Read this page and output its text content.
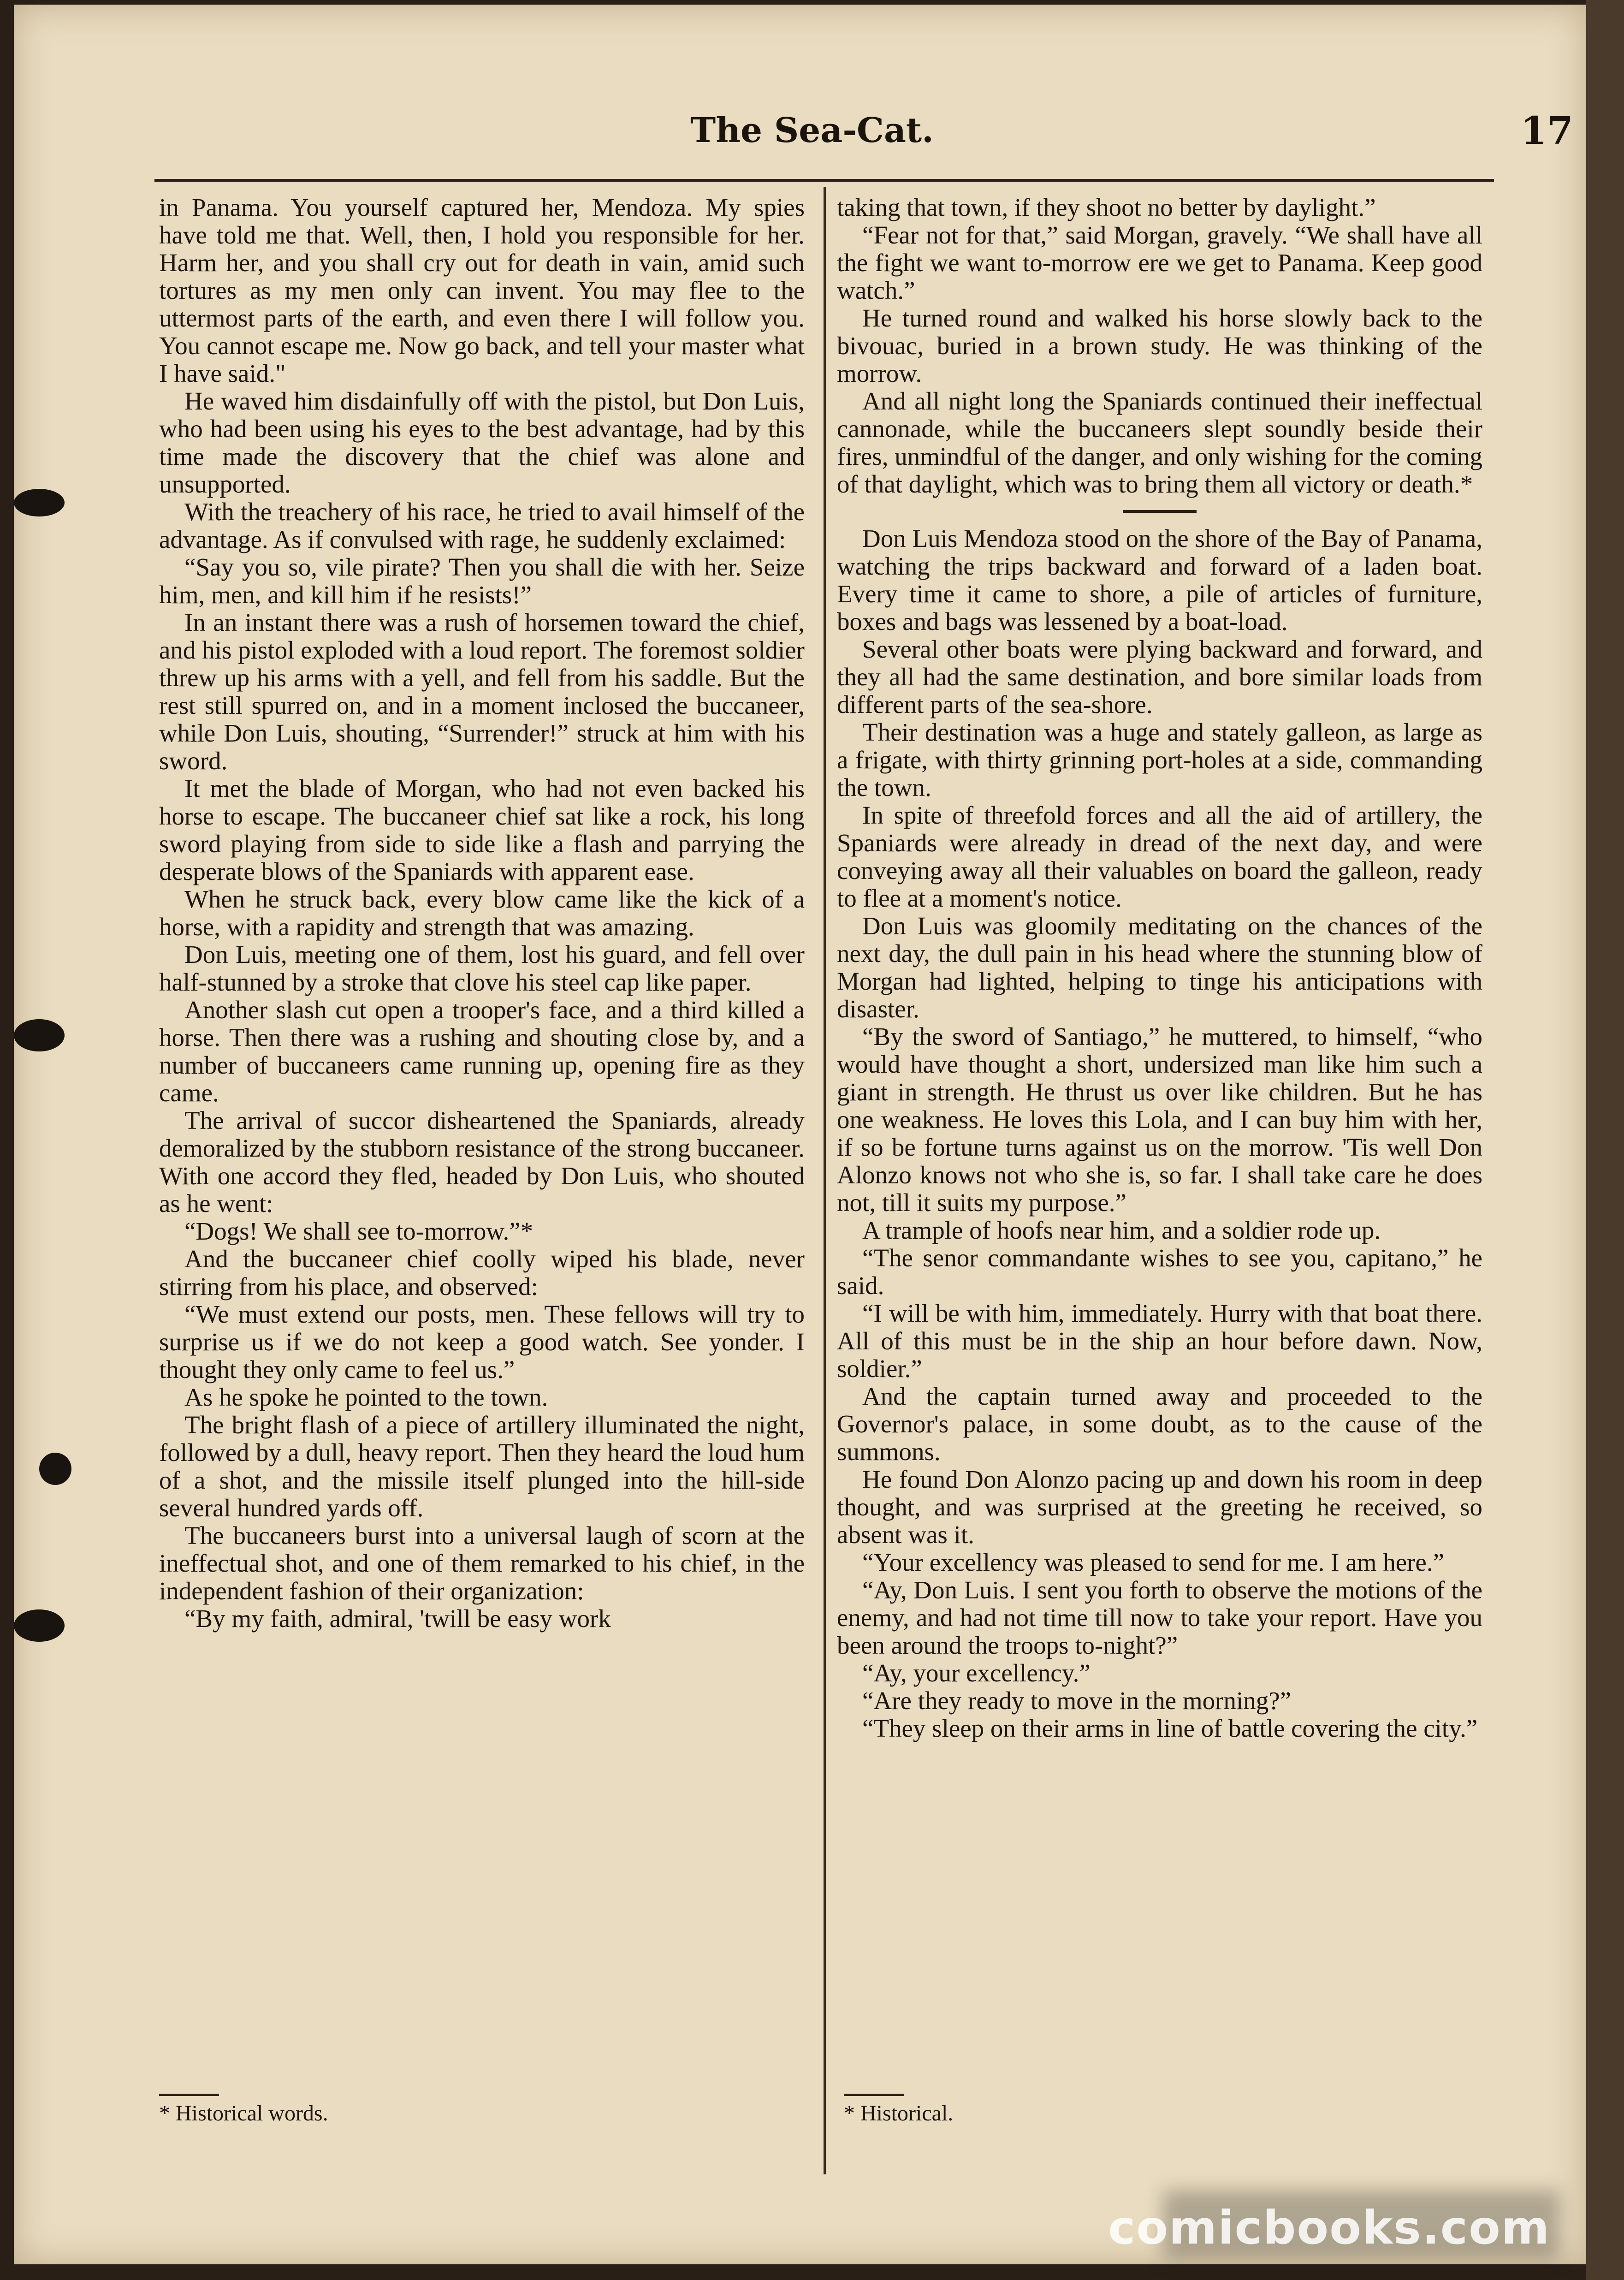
The Sea-Cat.	17

in Panama. You yourself captured her, Mendoza. My spies have told me that. Well, then, I hold you responsible for her. Harm her, and you shall cry out for death in vain, amid such tortures as my men only can invent. You may flee to the uttermost parts of the earth, and even there I will follow you. You cannot escape me. Now go back, and tell your master what I have said."

He waved him disdainfully off with the pistol, but Don Luis, who had been using his eyes to the best advantage, had by this time made the discovery that the chief was alone and unsupported.

With the treachery of his race, he tried to avail himself of the advantage. As if convulsed with rage, he suddenly exclaimed:

“Say you so, vile pirate? Then you shall die with her. Seize him, men, and kill him if he resists!”

In an instant there was a rush of horsemen toward the chief, and his pistol exploded with a loud report. The foremost soldier threw up his arms with a yell, and fell from his saddle. But the rest still spurred on, and in a moment inclosed the buccaneer, while Don Luis, shouting, “Surrender!” struck at him with his sword.

It met the blade of Morgan, who had not even backed his horse to escape. The buccaneer chief sat like a rock, his long sword playing from side to side like a flash and parrying the desperate blows of the Spaniards with apparent ease.

When he struck back, every blow came like the kick of a horse, with a rapidity and strength that was amazing.

Don Luis, meeting one of them, lost his guard, and fell over half-stunned by a stroke that clove his steel cap like paper.

Another slash cut open a trooper's face, and a third killed a horse. Then there was a rushing and shouting close by, and a number of buccaneers came running up, opening fire as they came.

The arrival of succor disheartened the Spaniards, already demoralized by the stubborn resistance of the strong buccaneer. With one accord they fled, headed by Don Luis, who shouted as he went:

“Dogs! We shall see to-morrow.”*

And the buccaneer chief coolly wiped his blade, never stirring from his place, and observed:

“We must extend our posts, men. These fellows will try to surprise us if we do not keep a good watch. See yonder. I thought they only came to feel us.”

As he spoke he pointed to the town.

The bright flash of a piece of artillery illuminated the night, followed by a dull, heavy report. Then they heard the loud hum of a shot, and the missile itself plunged into the hill-side several hundred yards off.

The buccaneers burst into a universal laugh of scorn at the ineffectual shot, and one of them remarked to his chief, in the independent fashion of their organization:

“By my faith, admiral, 'twill be easy work

taking that town, if they shoot no better by daylight.”

“Fear not for that,” said Morgan, gravely. “We shall have all the fight we want to-morrow ere we get to Panama. Keep good watch.”

He turned round and walked his horse slowly back to the bivouac, buried in a brown study. He was thinking of the morrow.

And all night long the Spaniards continued their ineffectual cannonade, while the buccaneers slept soundly beside their fires, unmindful of the danger, and only wishing for the coming of that daylight, which was to bring them all victory or death.*

Don Luis Mendoza stood on the shore of the Bay of Panama, watching the trips backward and forward of a laden boat. Every time it came to shore, a pile of articles of furniture, boxes and bags was lessened by a boat-load.

Several other boats were plying backward and forward, and they all had the same destination, and bore similar loads from different parts of the sea-shore.

Their destination was a huge and stately galleon, as large as a frigate, with thirty grinning port-holes at a side, commanding the town.

In spite of threefold forces and all the aid of artillery, the Spaniards were already in dread of the next day, and were conveying away all their valuables on board the galleon, ready to flee at a moment's notice.

Don Luis was gloomily meditating on the chances of the next day, the dull pain in his head where the stunning blow of Morgan had lighted, helping to tinge his anticipations with disaster.

“By the sword of Santiago,” he muttered, to himself, “who would have thought a short, undersized man like him such a giant in strength. He thrust us over like children. But he has one weakness. He loves this Lola, and I can buy him with her, if so be fortune turns against us on the morrow. 'Tis well Don Alonzo knows not who she is, so far. I shall take care he does not, till it suits my purpose.”

A trample of hoofs near him, and a soldier rode up.

“The senor commandante wishes to see you, capitano,” he said.

“I will be with him, immediately. Hurry with that boat there. All of this must be in the ship an hour before dawn. Now, soldier.”

And the captain turned away and proceeded to the Governor's palace, in some doubt, as to the cause of the summons.

He found Don Alonzo pacing up and down his room in deep thought, and was surprised at the greeting he received, so absent was it.

“Your excellency was pleased to send for me. I am here.”

“Ay, Don Luis. I sent you forth to observe the motions of the enemy, and had not time till now to take your report. Have you been around the troops to-night?”

“Ay, your excellency.”

“Are they ready to move in the morning?”

“They sleep on their arms in line of battle covering the city.”

* Historical words.	* Historical.
comicbooks.com
